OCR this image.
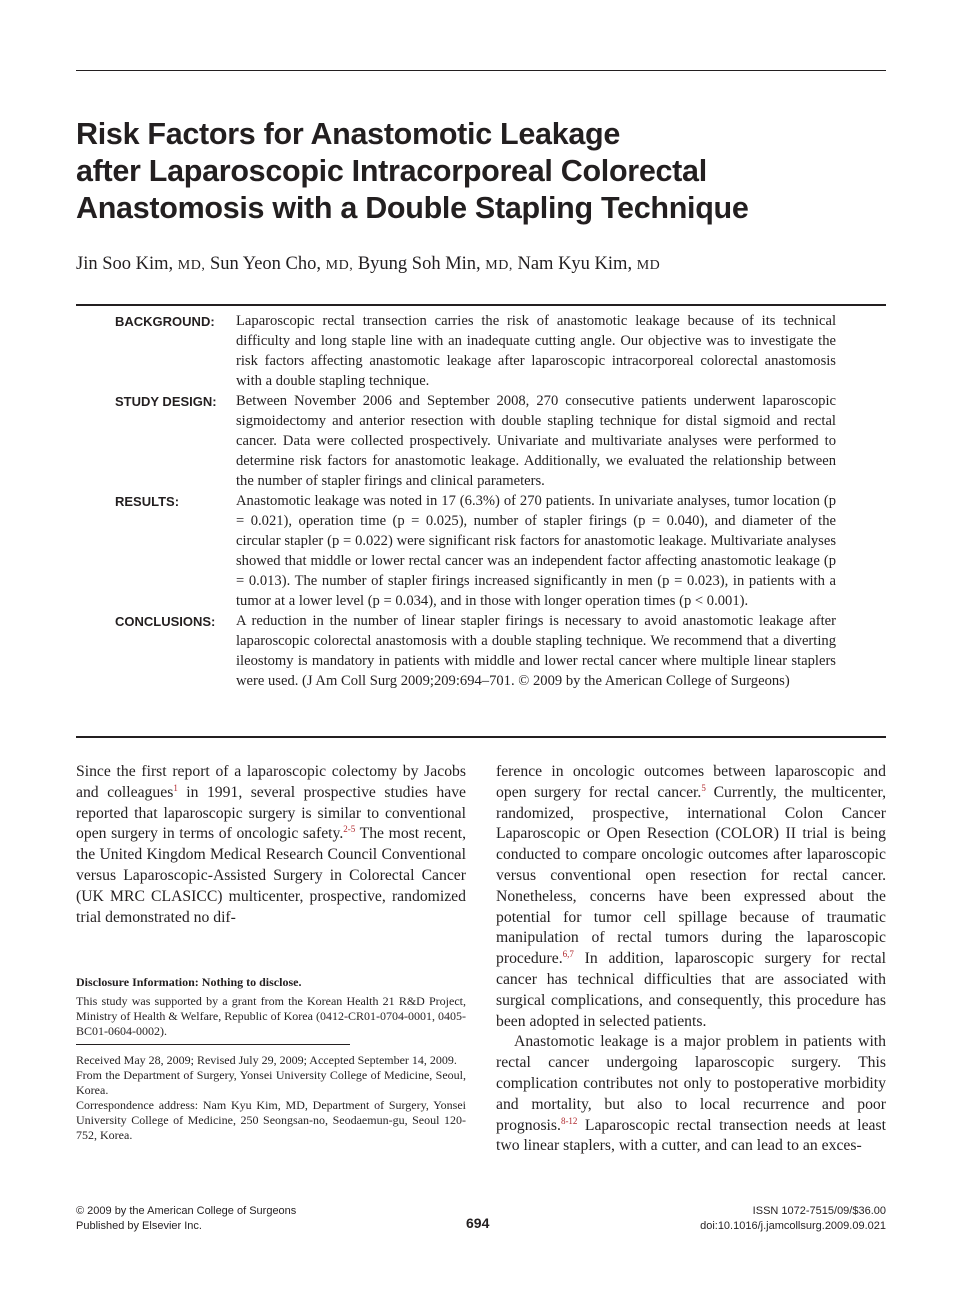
Risk Factors for Anastomotic Leakage
after Laparoscopic Intracorporeal Colorectal
Anastomosis with a Double Stapling Technique
Jin Soo Kim, MD, Sun Yeon Cho, MD, Byung Soh Min, MD, Nam Kyu Kim, MD
BACKGROUND: Laparoscopic rectal transection carries the risk of anastomotic leakage because of its technical difficulty and long staple line with an inadequate cutting angle. Our objective was to investigate the risk factors affecting anastomotic leakage after laparoscopic intracorporeal colorectal anastomosis with a double stapling technique.
STUDY DESIGN: Between November 2006 and September 2008, 270 consecutive patients underwent laparoscopic sigmoidectomy and anterior resection with double stapling technique for distal sigmoid and rectal cancer. Data were collected prospectively. Univariate and multivariate analyses were performed to determine risk factors for anastomotic leakage. Additionally, we evaluated the relationship between the number of stapler firings and clinical parameters.
RESULTS:	Anastomotic leakage was noted in 17 (6.3%) of 270 patients. In univariate analyses, tumor location (p = 0.021), operation time (p = 0.025), number of stapler firings (p = 0.040), and diameter of the circular stapler (p = 0.022) were significant risk factors for anastomotic leakage. Multivariate analyses showed that middle or lower rectal cancer was an independent factor affecting anastomotic leakage (p = 0.013). The number of stapler firings increased significantly in men (p = 0.023), in patients with a tumor at a lower level (p = 0.034), and in those with longer operation times (p < 0.001).
CONCLUSIONS: A reduction in the number of linear stapler firings is necessary to avoid anastomotic leakage after laparoscopic colorectal anastomosis with a double stapling technique. We recommend that a diverting ileostomy is mandatory in patients with middle and lower rectal cancer where multiple linear staplers were used. (J Am Coll Surg 2009;209:694–701. © 2009 by the American College of Surgeons)

Since the first report of a laparoscopic colectomy by Jacobs and colleagues$^1$ in 1991, several prospective studies have reported that laparoscopic surgery is similar to conventional open surgery in terms of oncologic safety.$^{2-5}$ The most recent, the United Kingdom Medical Research Council Conventional versus Laparoscopic-Assisted Surgery in Colorectal Cancer (UK MRC CLASICC) multicenter, prospective, randomized trial demonstrated no dif-

Disclosure Information: Nothing to disclose.

This study was supported by a grant from the Korean Health 21 R&D Project, Ministry of Health & Welfare, Republic of Korea (0412-CR01-0704-0001, 0405-BC01-0604-0002).

Received May 28, 2009; Revised July 29, 2009; Accepted September 14, 2009.

From the Department of Surgery, Yonsei University College of Medicine, Seoul, Korea.

Correspondence address: Nam Kyu Kim, MD, Department of Surgery, Yonsei University College of Medicine, 250 Seongsan-no, Seodaemun-gu, Seoul 120-752, Korea.

ference in oncologic outcomes between laparoscopic and open surgery for rectal cancer.$^5$ Currently, the multicenter, randomized, prospective, international Colon Cancer Laparoscopic or Open Resection (COLOR) II trial is being conducted to compare oncologic outcomes after laparoscopic versus conventional open resection for rectal cancer. Nonetheless, concerns have been expressed about the potential for tumor cell spillage because of traumatic manipulation of rectal tumors during the laparoscopic procedure.$^{6,7}$ In addition, laparoscopic surgery for rectal cancer has technical difficulties that are associated with surgical complications, and consequently, this procedure has been adopted in selected patients.

Anastomotic leakage is a major problem in patients with rectal cancer undergoing laparoscopic surgery. This complication contributes not only to postoperative morbidity and mortality, but also to local recurrence and poor prognosis.$^{8-12}$ Laparoscopic rectal transection needs at least two linear staplers, with a cutter, and can lead to an exces-

© 2009 by the American College of Surgeons
Published by Elsevier Inc.	694
ISSN 1072-7515/09/$36.00
doi:10.1016/j.jamcollsurg.2009.09.021
